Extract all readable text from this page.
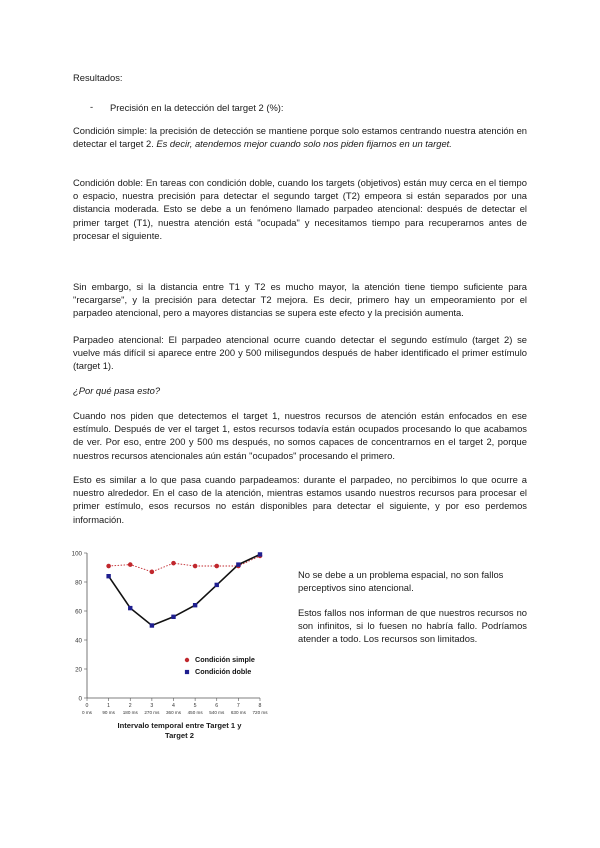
Resultados:

- Precisión en la detección del target 2 (%):

Condición simple: la precisión de detección se mantiene porque solo estamos centrando nuestra atención en detectar el target 2. Es decir, atendemos mejor cuando solo nos piden fijarnos en un target.

Condición doble: En tareas con condición doble, cuando los targets (objetivos) están muy cerca en el tiempo o espacio, nuestra precisión para detectar el segundo target (T2) empeora si están separados por una distancia moderada. Esto se debe a un fenómeno llamado parpadeo atencional: después de detectar el primer target (T1), nuestra atención está "ocupada" y necesitamos tiempo para recuperarnos antes de procesar el siguiente.

Sin embargo, si la distancia entre T1 y T2 es mucho mayor, la atención tiene tiempo suficiente para "recargarse", y la precisión para detectar T2 mejora. Es decir, primero hay un empeoramiento por el parpadeo atencional, pero a mayores distancias se supera este efecto y la precisión aumenta.

Parpadeo atencional: El parpadeo atencional ocurre cuando detectar el segundo estímulo (target 2) se vuelve más difícil si aparece entre 200 y 500 milisegundos después de haber identificado el primer estímulo (target 1).

¿Por qué pasa esto?

Cuando nos piden que detectemos el target 1, nuestros recursos de atención están enfocados en ese estímulo. Después de ver el target 1, estos recursos todavía están ocupados procesando lo que acabamos de ver. Por eso, entre 200 y 500 ms después, no somos capaces de concentrarnos en el target 2, porque nuestros recursos atencionales aún están "ocupados" procesando el primero.

Esto es similar a lo que pasa cuando parpadeamos: durante el parpadeo, no percibimos lo que ocurre a nuestro alrededor. En el caso de la atención, mientras estamos usando nuestros recursos para procesar el primer estímulo, esos recursos no están disponibles para detectar el siguiente, y por eso perdemos información.

0
20
40
60
80
100
0	1	2	3	4	5	6	7	8
0 ms 90 ms 180 ms 270 ms 360 ms 450 ms 540 ms 630 ms 720 ms
Condición simple
Condición doble

Intervalo temporal entre Target 1 y Target 2

No se debe a un problema espacial, no son fallos perceptivos sino atencional.

Estos fallos nos informan de que nuestros recursos no son infinitos, si lo fuesen no habría fallo. Podríamos atender a todo. Los recursos son limitados.
